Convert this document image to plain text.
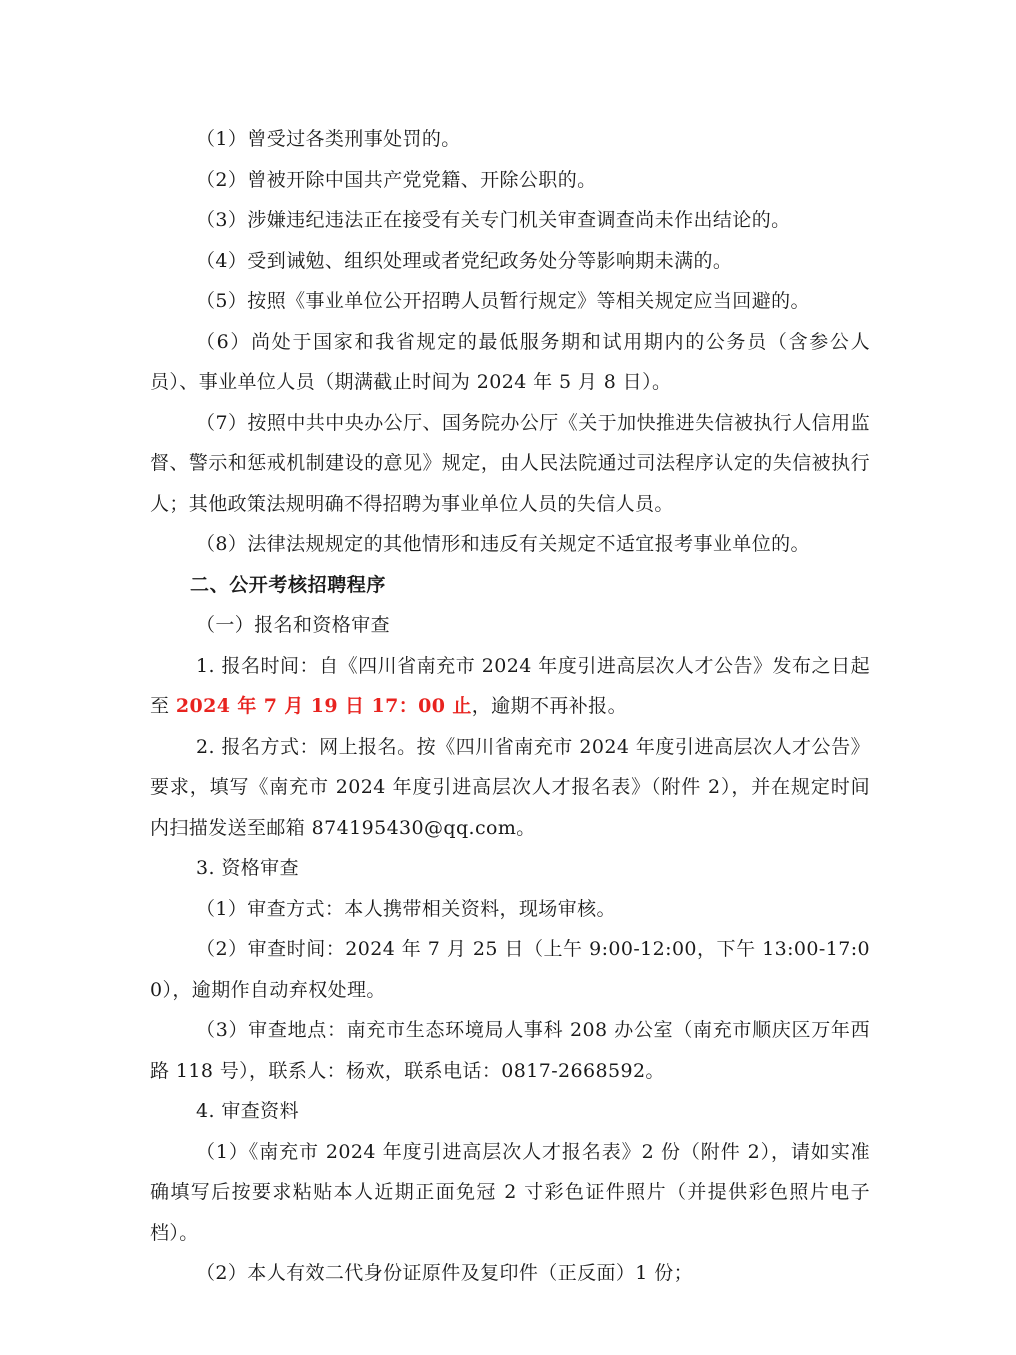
（1）曾受过各类刑事处罚的。

（2）曾被开除中国共产党党籍、开除公职的。

（3）涉嫌违纪违法正在接受有关专门机关审查调查尚未作出结论的。

（4）受到诫勉、组织处理或者党纪政务处分等影响期未满的。

（5）按照《事业单位公开招聘人员暂行规定》等相关规定应当回避的。

（6）尚处于国家和我省规定的最低服务期和试用期内的公务员（含参公人员）、事业单位人员（期满截止时间为 2024 年 5 月 8 日）。

（7）按照中共中央办公厅、国务院办公厅《关于加快推进失信被执行人信用监督、警示和惩戒机制建设的意见》规定，由人民法院通过司法程序认定的失信被执行人；其他政策法规明确不得招聘为事业单位人员的失信人员。

（8）法律法规规定的其他情形和违反有关规定不适宜报考事业单位的。

二、公开考核招聘程序

（一）报名和资格审查

1. 报名时间：自《四川省南充市 2024 年度引进高层次人才公告》发布之日起至 2024 年 7 月 19 日 17：00 止，逾期不再补报。

2. 报名方式：网上报名。按《四川省南充市 2024 年度引进高层次人才公告》要求，填写《南充市 2024 年度引进高层次人才报名表》（附件 2），并在规定时间内扫描发送至邮箱 874195430@qq.com。

3. 资格审查

（1）审查方式：本人携带相关资料，现场审核。

（2）审查时间：2024 年 7 月 25 日（上午 9:00-12:00，下午 13:00-17:00），逾期作自动弃权处理。

（3）审查地点：南充市生态环境局人事科 208 办公室（南充市顺庆区万年西路 118 号），联系人：杨欢，联系电话：0817-2668592。

4. 审查资料

（1）《南充市 2024 年度引进高层次人才报名表》2 份（附件 2），请如实准确填写后按要求粘贴本人近期正面免冠 2 寸彩色证件照片（并提供彩色照片电子档）。

（2）本人有效二代身份证原件及复印件（正反面）1 份；
